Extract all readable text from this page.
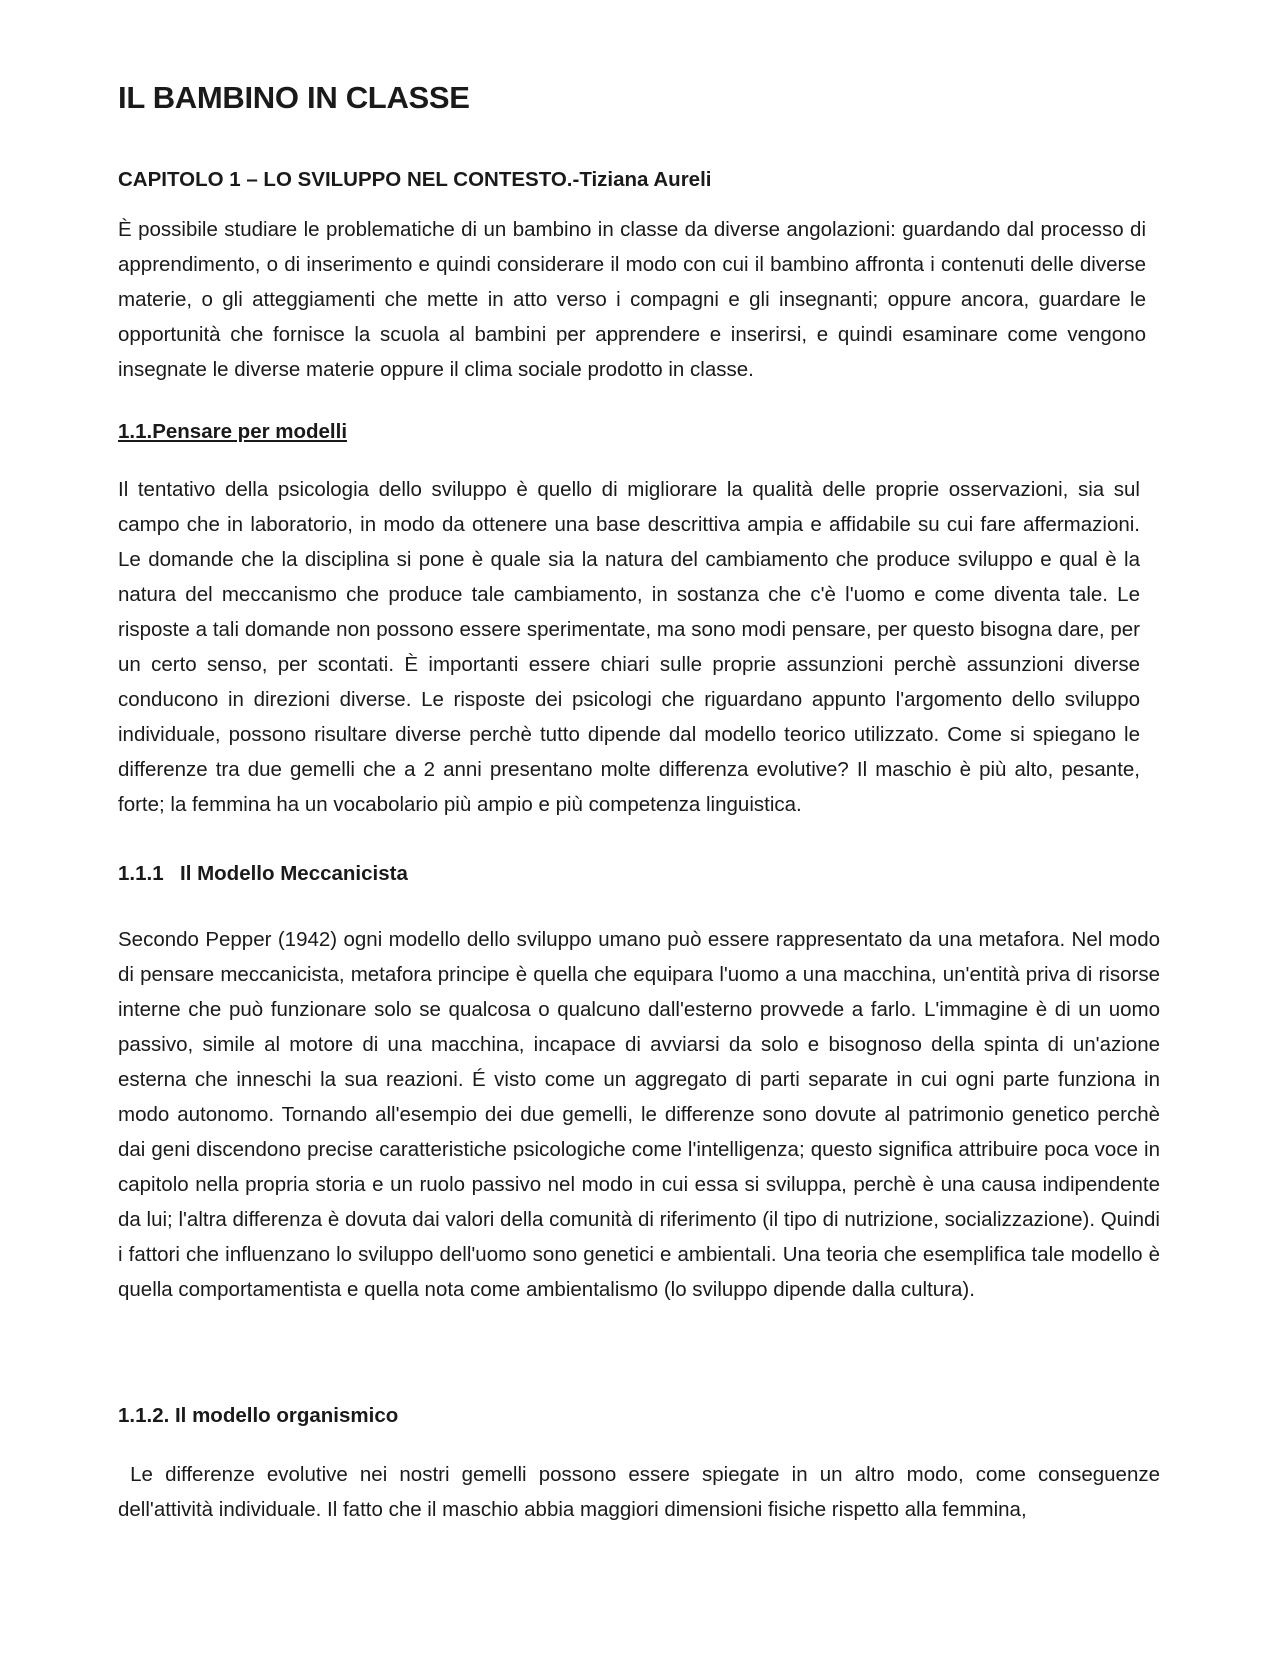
IL BAMBINO IN CLASSE

CAPITOLO 1 – LO SVILUPPO NEL CONTESTO.-Tiziana Aureli

È possibile studiare le problematiche di un bambino in classe da diverse angolazioni: guardando dal processo di apprendimento, o di inserimento e quindi considerare il modo con cui il bambino affronta i contenuti delle diverse materie, o gli atteggiamenti che mette in atto verso i compagni e gli insegnanti; oppure ancora, guardare le opportunità che fornisce la scuola al bambini per apprendere e inserirsi, e quindi esaminare come vengono insegnate le diverse materie oppure il clima sociale prodotto in classe.

1.1.Pensare per modelli

Il tentativo della psicologia dello sviluppo è quello di migliorare la qualità delle proprie osservazioni, sia sul campo che in laboratorio, in modo da ottenere una base descrittiva ampia e affidabile su cui fare affermazioni. Le domande che la disciplina si pone è quale sia la natura del cambiamento che produce sviluppo e qual è la natura del meccanismo che produce tale cambiamento, in sostanza che c'è l'uomo e come diventa tale. Le risposte a tali domande non possono essere sperimentate, ma sono modi pensare, per questo bisogna dare, per un certo senso, per scontati. È importanti essere chiari sulle proprie assunzioni perchè assunzioni diverse conducono in direzioni diverse. Le risposte dei psicologi che riguardano appunto l'argomento dello sviluppo individuale, possono risultare diverse perchè tutto dipende dal modello teorico utilizzato. Come si spiegano le differenze tra due gemelli che a 2 anni presentano molte differenza evolutive? Il maschio è più alto, pesante, forte; la femmina ha un vocabolario più ampio e più competenza linguistica.

1.1.1 Il Modello Meccanicista

Secondo Pepper (1942) ogni modello dello sviluppo umano può essere rappresentato da una metafora. Nel modo di pensare meccanicista, metafora principe è quella che equipara l'uomo a una macchina, un'entità priva di risorse interne che può funzionare solo se qualcosa o qualcuno dall'esterno provvede a farlo. L'immagine è di un uomo passivo, simile al motore di una macchina, incapace di avviarsi da solo e bisognoso della spinta di un'azione esterna che inneschi la sua reazioni. É visto come un aggregato di parti separate in cui ogni parte funziona in modo autonomo. Tornando all'esempio dei due gemelli, le differenze sono dovute al patrimonio genetico perchè dai geni discendono precise caratteristiche psicologiche come l'intelligenza; questo significa attribuire poca voce in capitolo nella propria storia e un ruolo passivo nel modo in cui essa si sviluppa, perchè è una causa indipendente da lui; l'altra differenza è dovuta dai valori della comunità di riferimento (il tipo di nutrizione, socializzazione). Quindi i fattori che influenzano lo sviluppo dell'uomo sono genetici e ambientali. Una teoria che esemplifica tale modello è quella comportamentista e quella nota come ambientalismo (lo sviluppo dipende dalla cultura).

1.1.2. Il modello organismico

Le differenze evolutive nei nostri gemelli possono essere spiegate in un altro modo, come conseguenze dell'attività individuale. Il fatto che il maschio abbia maggiori dimensioni fisiche rispetto alla femmina,
